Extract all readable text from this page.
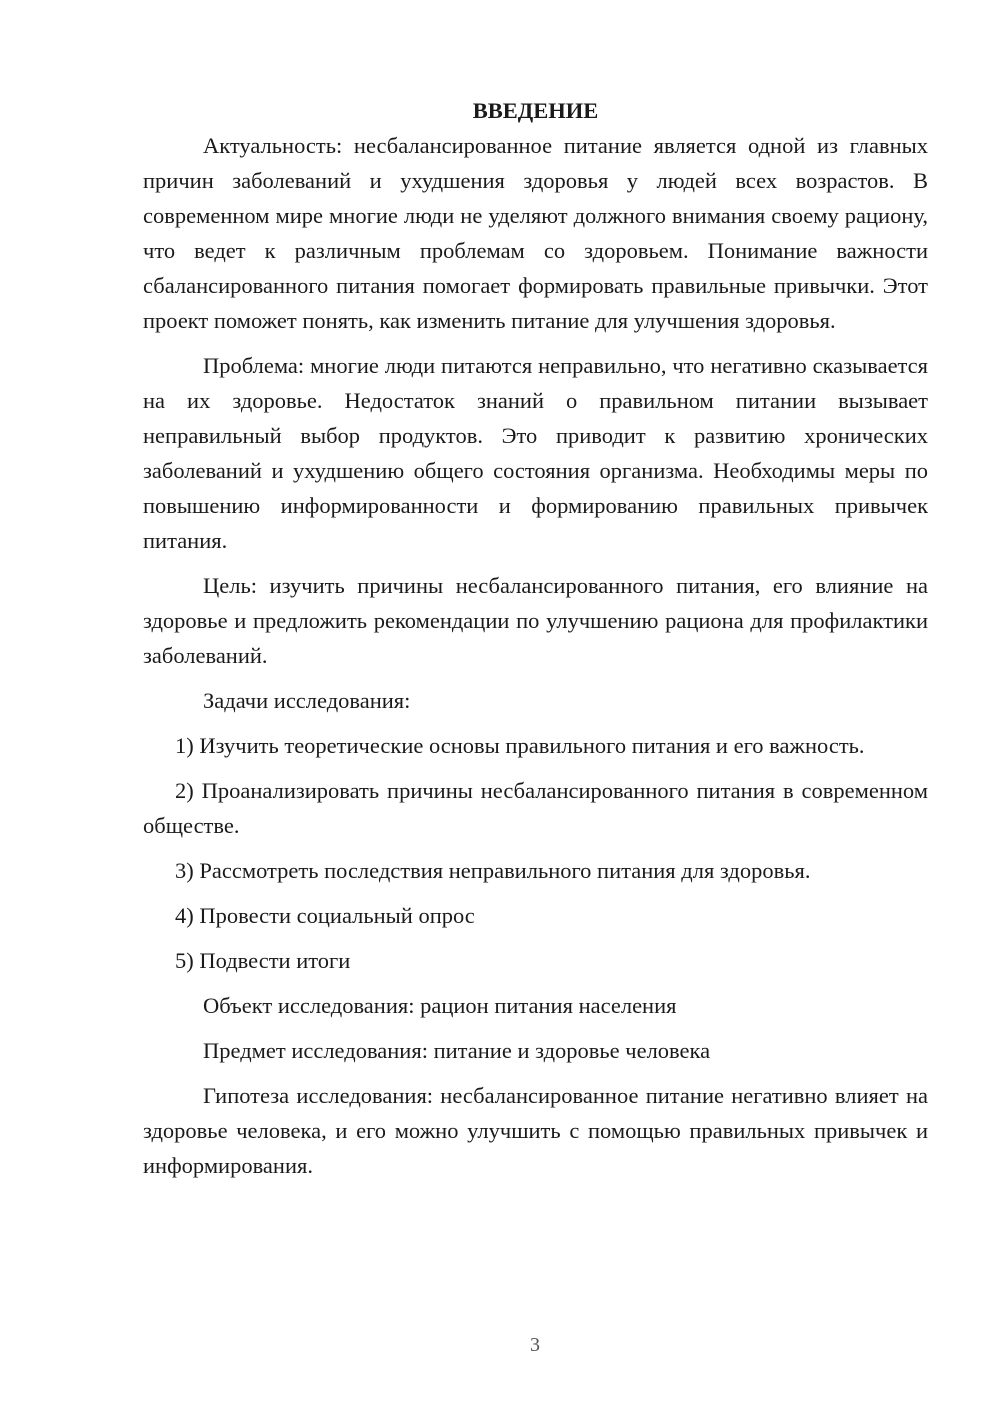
ВВЕДЕНИЕ

Актуальность: несбалансированное питание является одной из главных причин заболеваний и ухудшения здоровья у людей всех возрастов. В современном мире многие люди не уделяют должного внимания своему рациону, что ведет к различным проблемам со здоровьем. Понимание важности сбалансированного питания помогает формировать правильные привычки. Этот проект поможет понять, как изменить питание для улучшения здоровья.

Проблема: многие люди питаются неправильно, что негативно сказывается на их здоровье. Недостаток знаний о правильном питании вызывает неправильный выбор продуктов. Это приводит к развитию хронических заболеваний и ухудшению общего состояния организма. Необходимы меры по повышению информированности и формированию правильных привычек питания.

Цель: изучить причины несбалансированного питания, его влияние на здоровье и предложить рекомендации по улучшению рациона для профилактики заболеваний.

Задачи исследования:

1) Изучить теоретические основы правильного питания и его важность.

2) Проанализировать причины несбалансированного питания в современном обществе.

3) Рассмотреть последствия неправильного питания для здоровья.

4) Провести социальный опрос

5) Подвести итоги

Объект исследования: рацион питания населения

Предмет исследования: питание и здоровье человека

Гипотеза исследования: несбалансированное питание негативно влияет на здоровье человека, и его можно улучшить с помощью правильных привычек и информирования.

3
